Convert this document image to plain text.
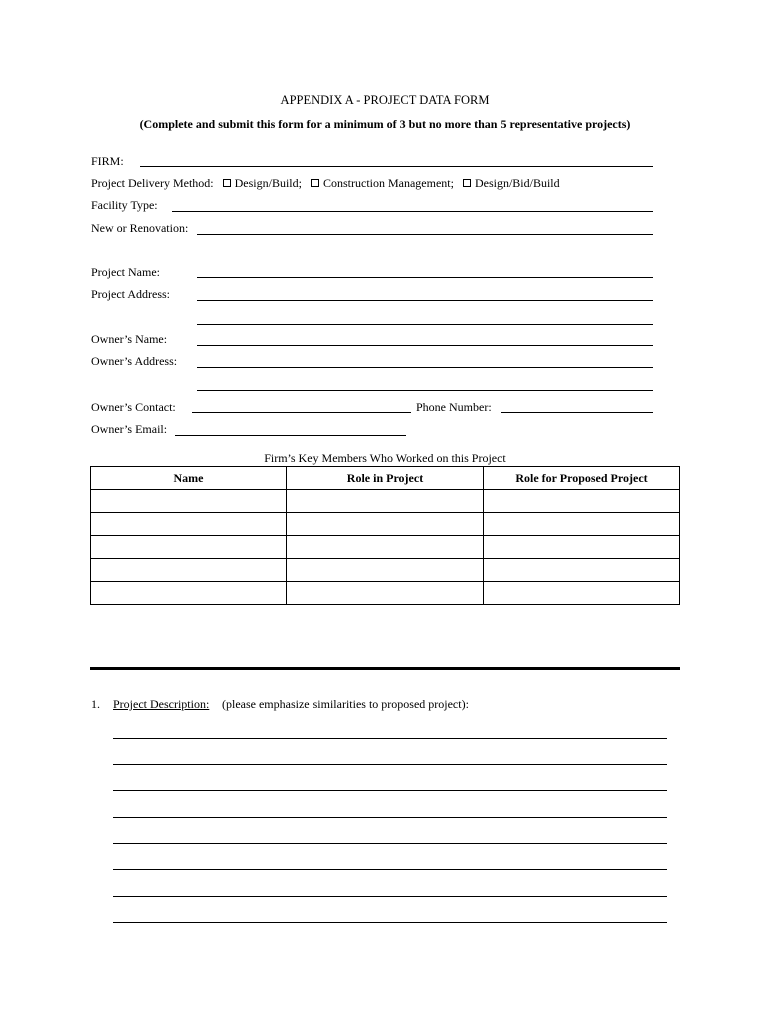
APPENDIX A - PROJECT DATA FORM
(Complete and submit this form for a minimum of 3 but no more than 5 representative projects)
FIRM:
Project Delivery Method: Design/Build; Construction Management; Design/Bid/Build
Facility Type:
New or Renovation:
Project Name:
Project Address:
Owner’s Name:
Owner’s Address:
Owner’s Contact:	Phone Number:
Owner’s Email:
Firm’s Key Members Who Worked on this Project
Name	Role in Project	Role for Proposed Project

1. Project Description: (please emphasize similarities to proposed project):
